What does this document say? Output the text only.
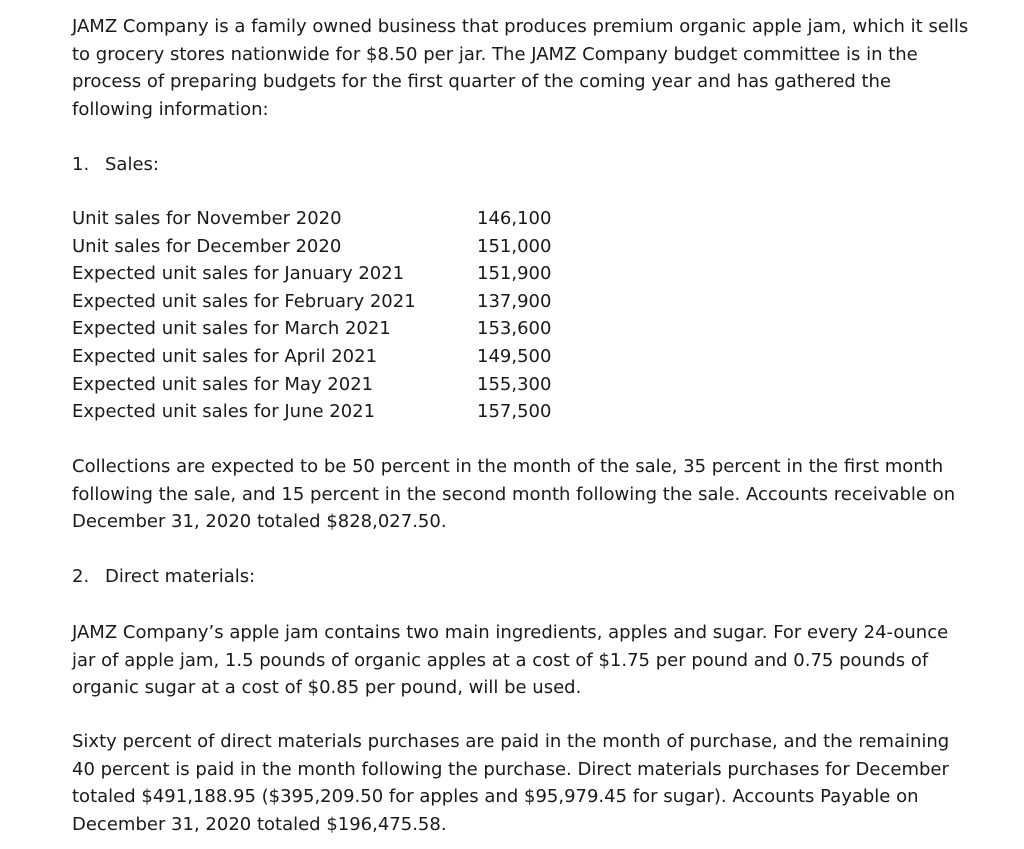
JAMZ Company is a family owned business that produces premium organic apple jam, which it sells to grocery stores nationwide for $8.50 per jar. The JAMZ Company budget committee is in the process of preparing budgets for the first quarter of the coming year and has gathered the following information:

1. Sales:
Unit sales for November 2020	146,100
Unit sales for December 2020	151,000
Expected unit sales for January 2021	151,900
Expected unit sales for February 2021	137,900
Expected unit sales for March 2021	153,600
Expected unit sales for April 2021	149,500
Expected unit sales for May 2021	155,300
Expected unit sales for June 2021	157,500

Collections are expected to be 50 percent in the month of the sale, 35 percent in the first month following the sale, and 15 percent in the second month following the sale. Accounts receivable on December 31, 2020 totaled $828,027.50.

2. Direct materials:

JAMZ Company’s apple jam contains two main ingredients, apples and sugar. For every 24-ounce jar of apple jam, 1.5 pounds of organic apples at a cost of $1.75 per pound and 0.75 pounds of organic sugar at a cost of $0.85 per pound, will be used.

Sixty percent of direct materials purchases are paid in the month of purchase, and the remaining 40 percent is paid in the month following the purchase. Direct materials purchases for December totaled $491,188.95 ($395,209.50 for apples and $95,979.45 for sugar). Accounts Payable on December 31, 2020 totaled $196,475.58.
